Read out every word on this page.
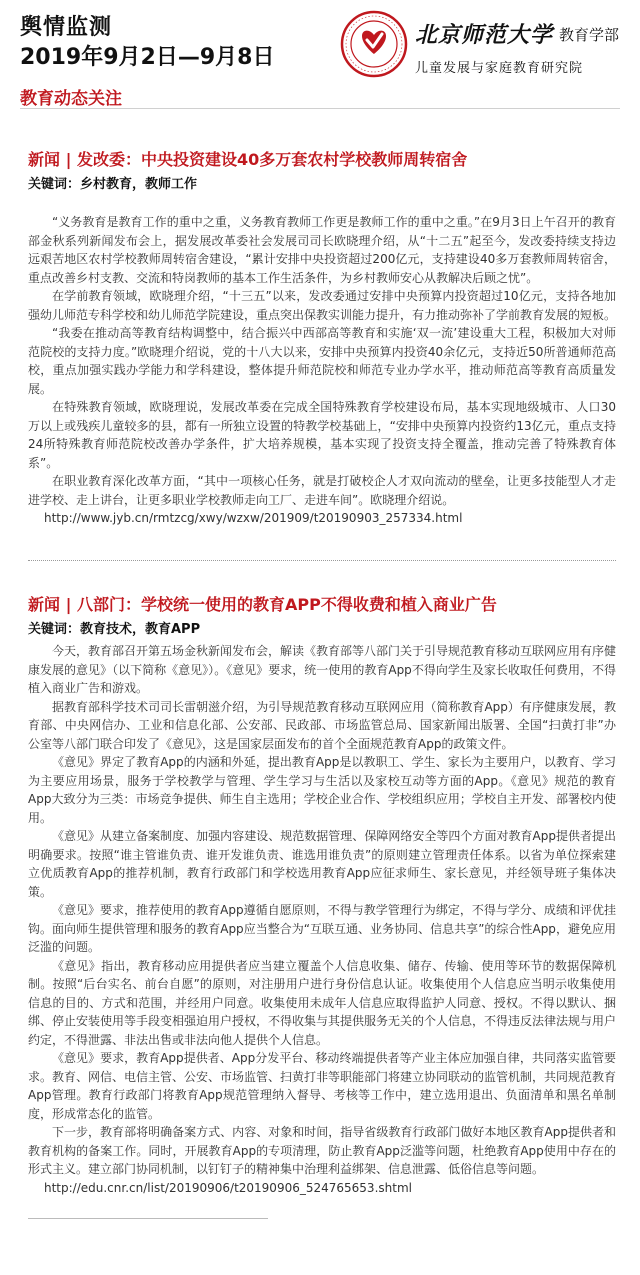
舆情监测
2019年9月2日—9月8日
教育动态关注
北京师范大学 教育学部
儿童发展与家庭教育研究院
新闻 | 发改委：中央投资建设40多万套农村学校教师周转宿舍
关键词：乡村教育，教师工作

“义务教育是教育工作的重中之重，义务教育教师工作更是教师工作的重中之重。”在9月3日上午召开的教育部金秋系列新闻发布会上，据发展改革委社会发展司司长欧晓理介绍，从“十二五”起至今，发改委持续支持边远艰苦地区农村学校教师周转宿舍建设，“累计安排中央投资超过200亿元，支持建设40多万套教师周转宿舍，重点改善乡村支教、交流和特岗教师的基本工作生活条件，为乡村教师安心从教解决后顾之忧”。

在学前教育领域，欧晓理介绍，“十三五”以来，发改委通过安排中央预算内投资超过10亿元，支持各地加强幼儿师范专科学校和幼儿师范学院建设，重点突出保教实训能力提升，有力推动弥补了学前教育发展的短板。

“我委在推动高等教育结构调整中，结合振兴中西部高等教育和实施‘双一流’建设重大工程，积极加大对师范院校的支持力度。”欧晓理介绍说，党的十八大以来，安排中央预算内投资40余亿元，支持近50所普通师范高校，重点加强实践办学能力和学科建设，整体提升师范院校和师范专业办学水平，推动师范高等教育高质量发展。

在特殊教育领域，欧晓理说，发展改革委在完成全国特殊教育学校建设布局，基本实现地级城市、人口30万以上或残疾儿童较多的县，都有一所独立设置的特教学校基础上，“安排中央预算内投资约13亿元，重点支持24所特殊教育师范院校改善办学条件，扩大培养规模，基本实现了投资支持全覆盖，推动完善了特殊教育体系”。

在职业教育深化改革方面，“其中一项核心任务，就是打破校企人才双向流动的壁垒，让更多技能型人才走进学校、走上讲台，让更多职业学校教师走向工厂、走进车间”。欧晓理介绍说。

http://www.jyb.cn/rmtzcg/xwy/wzxw/201909/t20190903_257334.html
新闻 | 八部门：学校统一使用的教育APP不得收费和植入商业广告
关键词：教育技术，教育APP

今天，教育部召开第五场金秋新闻发布会，解读《教育部等八部门关于引导规范教育移动互联网应用有序健康发展的意见》（以下简称《意见》）。《意见》要求，统一使用的教育App不得向学生及家长收取任何费用，不得植入商业广告和游戏。

据教育部科学技术司司长雷朝滋介绍，为引导规范教育移动互联网应用（简称教育App）有序健康发展，教育部、中央网信办、工业和信息化部、公安部、民政部、市场监管总局、国家新闻出版署、全国“扫黄打非”办公室等八部门联合印发了《意见》，这是国家层面发布的首个全面规范教育App的政策文件。

《意见》界定了教育App的内涵和外延，提出教育App是以教职工、学生、家长为主要用户，以教育、学习为主要应用场景，服务于学校教学与管理、学生学习与生活以及家校互动等方面的App。《意见》规范的教育App大致分为三类：市场竞争提供、师生自主选用；学校企业合作、学校组织应用；学校自主开发、部署校内使用。

《意见》从建立备案制度、加强内容建设、规范数据管理、保障网络安全等四个方面对教育App提供者提出明确要求。按照“谁主管谁负责、谁开发谁负责、谁选用谁负责”的原则建立管理责任体系。以省为单位探索建立优质教育App的推荐机制，教育行政部门和学校选用教育App应征求师生、家长意见，并经领导班子集体决策。

《意见》要求，推荐使用的教育App遵循自愿原则，不得与教学管理行为绑定，不得与学分、成绩和评优挂钩。面向师生提供管理和服务的教育App应当整合为“互联互通、业务协同、信息共享”的综合性App，避免应用泛滥的问题。

《意见》指出，教育移动应用提供者应当建立覆盖个人信息收集、储存、传输、使用等环节的数据保障机制。按照“后台实名、前台自愿”的原则，对注册用户进行身份信息认证。收集使用个人信息应当明示收集使用信息的目的、方式和范围，并经用户同意。收集使用未成年人信息应取得监护人同意、授权。不得以默认、捆绑、停止安装使用等手段变相强迫用户授权，不得收集与其提供服务无关的个人信息，不得违反法律法规与用户约定，不得泄露、非法出售或非法向他人提供个人信息。

《意见》要求，教育App提供者、App分发平台、移动终端提供者等产业主体应加强自律，共同落实监管要求。教育、网信、电信主管、公安、市场监管、扫黄打非等职能部门将建立协同联动的监管机制，共同规范教育App管理。教育行政部门将教育App规范管理纳入督导、考核等工作中，建立选用退出、负面清单和黑名单制度，形成常态化的监管。

下一步，教育部将明确备案方式、内容、对象和时间，指导省级教育行政部门做好本地区教育App提供者和教育机构的备案工作。同时，开展教育App的专项清理，防止教育App泛滥等问题，杜绝教育App使用中存在的形式主义。建立部门协同机制，以钉钉子的精神集中治理利益绑架、信息泄露、低俗信息等问题。

http://edu.cnr.cn/list/20190906/t20190906_524765653.shtml
